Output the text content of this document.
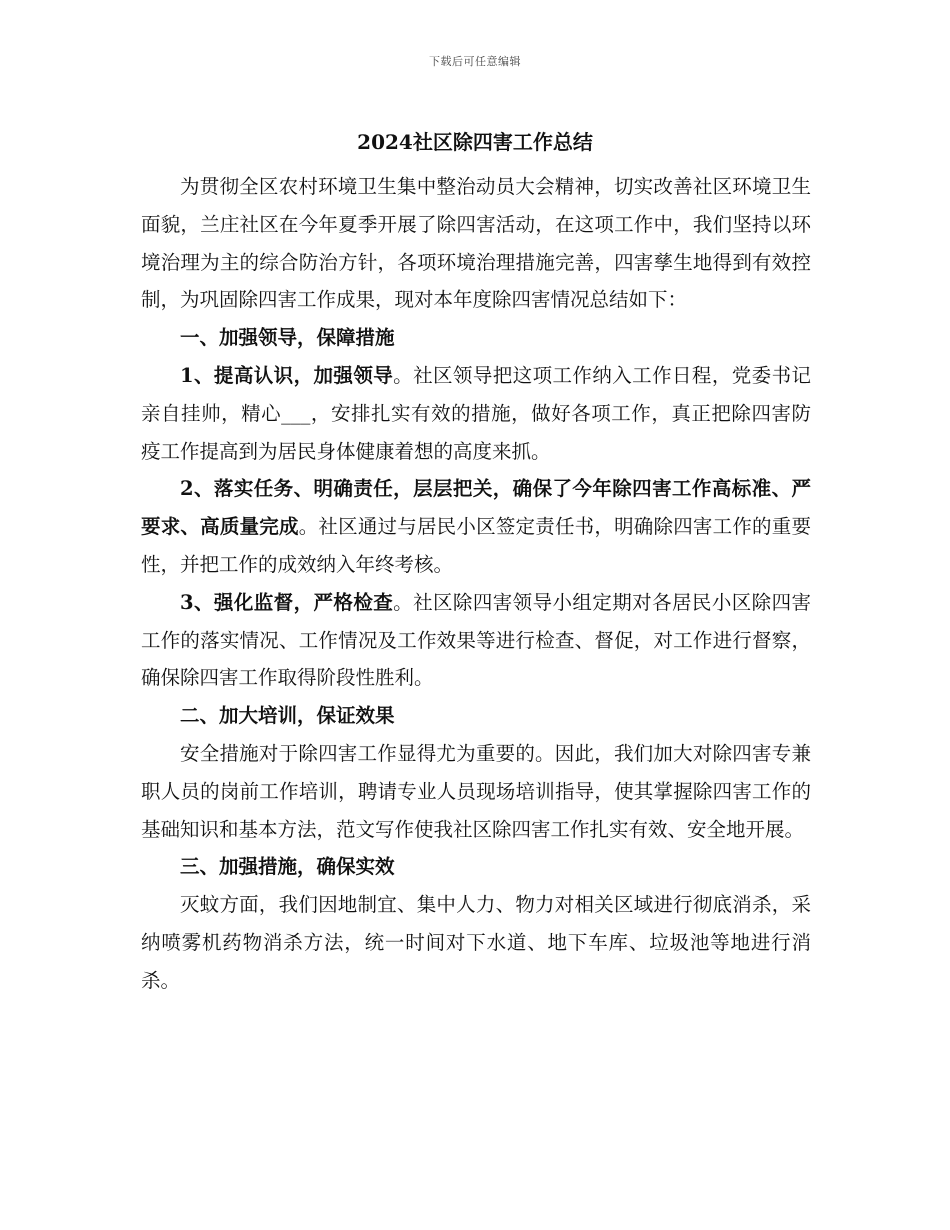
下载后可任意编辑
2024社区除四害工作总结

为贯彻全区农村环境卫生集中整治动员大会精神，切实改善社区环境卫生面貌，兰庄社区在今年夏季开展了除四害活动，在这项工作中，我们坚持以环境治理为主的综合防治方针，各项环境治理措施完善，四害孳生地得到有效控制，为巩固除四害工作成果，现对本年度除四害情况总结如下：

一、加强领导，保障措施

1、提高认识，加强领导。社区领导把这项工作纳入工作日程，党委书记亲自挂帅，精心___，安排扎实有效的措施，做好各项工作，真正把除四害防疫工作提高到为居民身体健康着想的高度来抓。

2、落实任务、明确责任，层层把关，确保了今年除四害工作高标准、严要求、高质量完成。社区通过与居民小区签定责任书，明确除四害工作的重要性，并把工作的成效纳入年终考核。

3、强化监督，严格检查。社区除四害领导小组定期对各居民小区除四害工作的落实情况、工作情况及工作效果等进行检查、督促，对工作进行督察，确保除四害工作取得阶段性胜利。

二、加大培训，保证效果

安全措施对于除四害工作显得尤为重要的。因此，我们加大对除四害专兼职人员的岗前工作培训，聘请专业人员现场培训指导，使其掌握除四害工作的基础知识和基本方法，范文写作使我社区除四害工作扎实有效、安全地开展。

三、加强措施，确保实效

灭蚊方面，我们因地制宜、集中人力、物力对相关区域进行彻底消杀，采纳喷雾机药物消杀方法，统一时间对下水道、地下车库、垃圾池等地进行消杀。
